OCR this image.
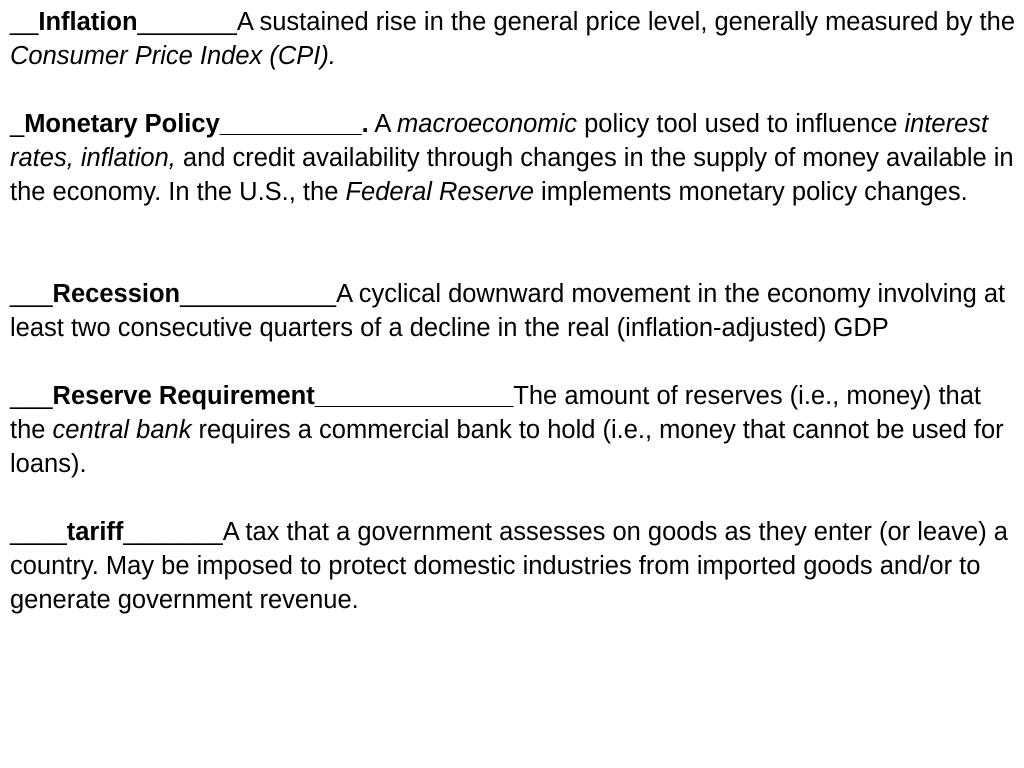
__Inflation_______A sustained rise in the general price level, generally measured by the Consumer Price Index (CPI).

_Monetary Policy__________. A macroeconomic policy tool used to influence interest rates, inflation, and credit availability through changes in the supply of money available in the economy. In the U.S., the Federal Reserve implements monetary policy changes.

___Recession___________A cyclical downward movement in the economy involving at least two consecutive quarters of a decline in the real (inflation-adjusted) GDP

___Reserve Requirement______________The amount of reserves (i.e., money) that the central bank requires a commercial bank to hold (i.e., money that cannot be used for loans).

____tariff_______A tax that a government assesses on goods as they enter (or leave) a country. May be imposed to protect domestic industries from imported goods and/or to generate government revenue.
